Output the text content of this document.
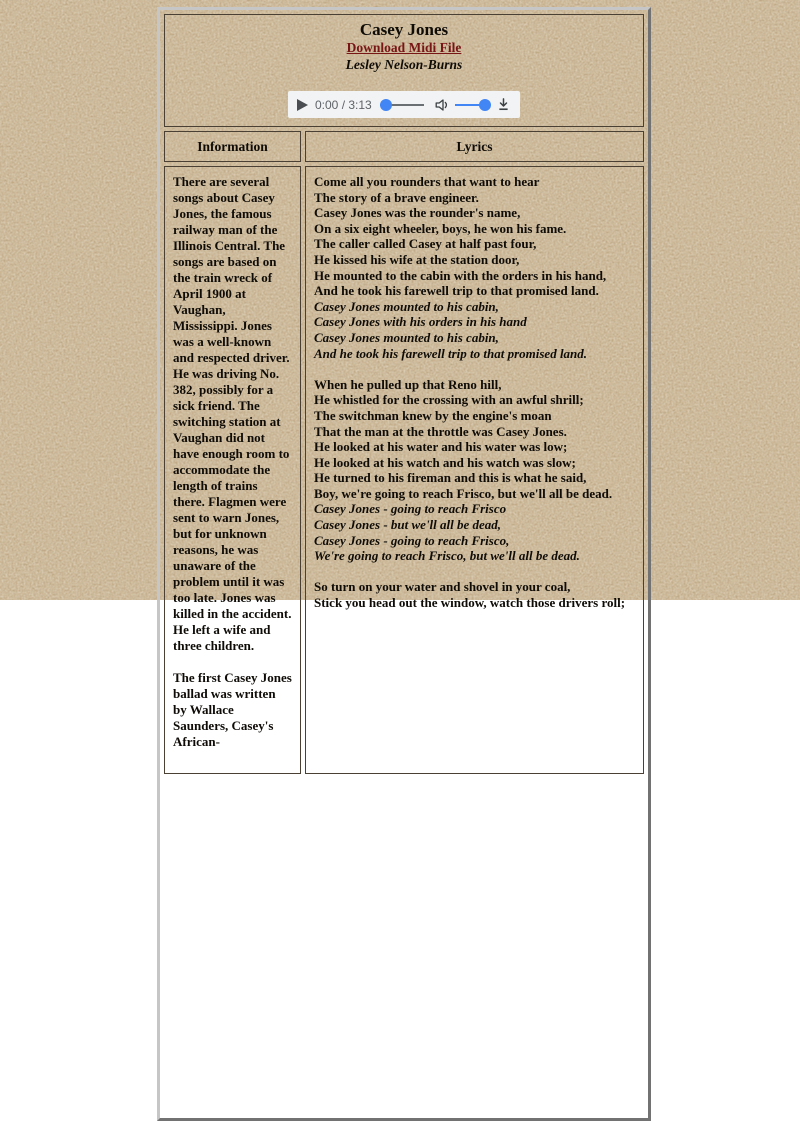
Casey Jones
Download Midi File
Lesley Nelson-Burns
0:00 / 3:13
Information	Lyrics
There are several songs about Casey Jones, the famous railway man of the Illinois Central. The songs are based on the train wreck of April 1900 at Vaughan, Mississippi. Jones was a well-known and respected driver. He was driving No. 382, possibly for a sick friend. The switching station at Vaughan did not have enough room to accommodate the length of trains there. Flagmen were sent to warn Jones, but for unknown reasons, he was unaware of the problem until it was too late. Jones was killed in the accident. He left a wife and three children.
The first Casey Jones ballad was written by Wallace Saunders, Casey's African-
Come all you rounders that want to hear
The story of a brave engineer.
Casey Jones was the rounder's name,
On a six eight wheeler, boys, he won his fame.
The caller called Casey at half past four,
He kissed his wife at the station door,
He mounted to the cabin with the orders in his hand,
And he took his farewell trip to that promised land.
Casey Jones mounted to his cabin,
Casey Jones with his orders in his hand
Casey Jones mounted to his cabin,
And he took his farewell trip to that promised land.
When he pulled up that Reno hill,
He whistled for the crossing with an awful shrill;
The switchman knew by the engine's moan
That the man at the throttle was Casey Jones.
He looked at his water and his water was low;
He looked at his watch and his watch was slow;
He turned to his fireman and this is what he said,
Boy, we're going to reach Frisco, but we'll all be dead.
Casey Jones - going to reach Frisco
Casey Jones - but we'll all be dead,
Casey Jones - going to reach Frisco,
We're going to reach Frisco, but we'll all be dead.
So turn on your water and shovel in your coal,
Stick you head out the window, watch those drivers roll;
